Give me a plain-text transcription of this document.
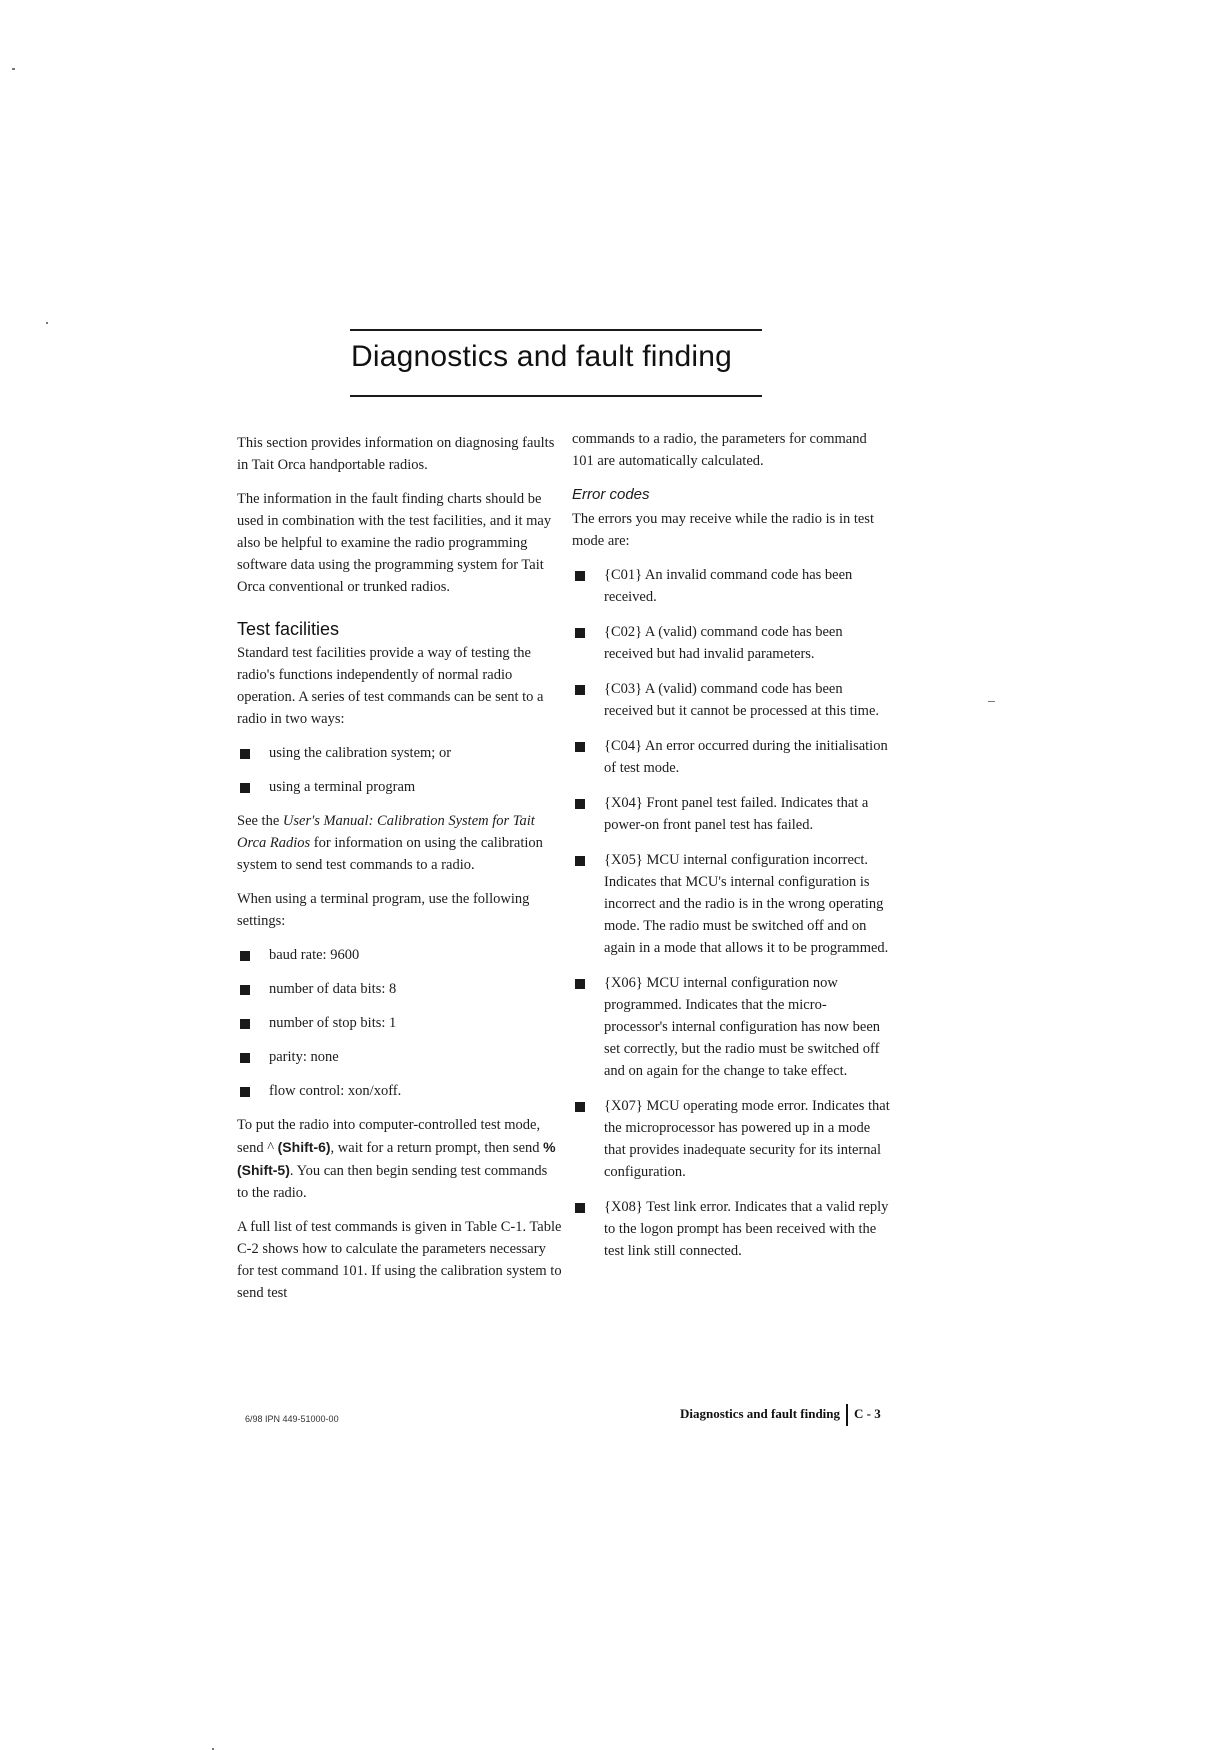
Diagnostics and fault finding

This section provides information on diagnosing faults in Tait Orca handportable radios.

The information in the fault finding charts should be used in combination with the test facilities, and it may also be helpful to examine the radio programming software data using the programming system for Tait Orca conventional or trunked radios.

Test facilities

Standard test facilities provide a way of testing the radio's functions independently of normal radio operation. A series of test commands can be sent to a radio in two ways:

using the calibration system; or
using a terminal program

See the User's Manual: Calibration System for Tait Orca Radios for information on using the calibration system to send test commands to a radio.

When using a terminal program, use the following settings:

baud rate: 9600
number of data bits: 8
number of stop bits: 1
parity: none
flow control: xon/xoff.

To put the radio into computer-controlled test mode, send ^ (Shift-6), wait for a return prompt, then send % (Shift-5). You can then begin sending test commands to the radio.

A full list of test commands is given in Table C-1. Table C-2 shows how to calculate the parameters necessary for test command 101. If using the calibration system to send test

commands to a radio, the parameters for command 101 are automatically calculated.

Error codes

The errors you may receive while the radio is in test mode are:

{C01} An invalid command code has been received.
{C02} A (valid) command code has been received but had invalid parameters.
{C03} A (valid) command code has been received but it cannot be processed at this time.
{C04} An error occurred during the initialisation of test mode.
{X04} Front panel test failed. Indicates that a power-on front panel test has failed.
{X05} MCU internal configuration incorrect. Indicates that MCU's internal configuration is incorrect and the radio is in the wrong operating mode. The radio must be switched off and on again in a mode that allows it to be programmed.
{X06} MCU internal configuration now programmed. Indicates that the micro-processor's internal configuration has now been set correctly, but the radio must be switched off and on again for the change to take effect.
{X07} MCU operating mode error. Indicates that the microprocessor has powered up in a mode that provides inadequate security for its internal configuration.
{X08} Test link error. Indicates that a valid reply to the logon prompt has been received with the test link still connected.
6/98 IPN 449-51000-00	Diagnostics and fault finding C - 3
